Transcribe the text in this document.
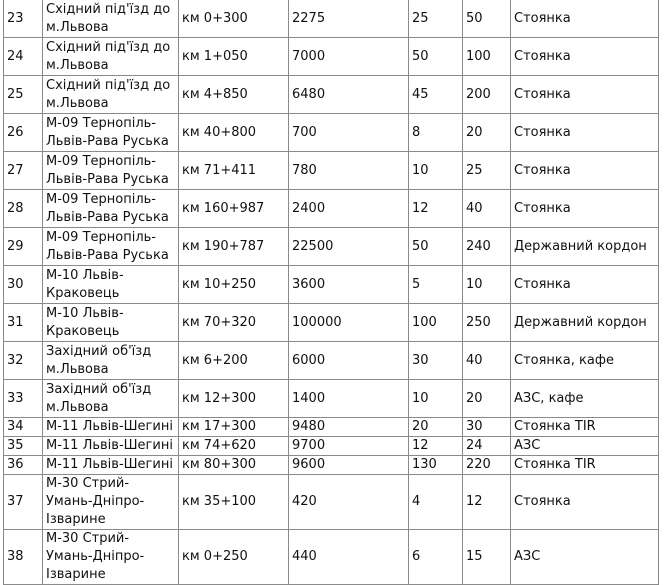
23	Східний під'їзд до м.Львова	км 0+300	2275	25	50	Стоянка
24	Східний під'їзд до м.Львова	км 1+050	7000	50	100	Стоянка
25	Східний під'їзд до м.Львова	км 4+850	6480	45	200	Стоянка
26	М-09 Тернопіль-Львів-Рава Руська	км 40+800	700	8	20	Стоянка
27	М-09 Тернопіль-Львів-Рава Руська	км 71+411	780	10	25	Стоянка
28	М-09 Тернопіль-Львів-Рава Руська	км 160+987	2400	12	40	Стоянка
29	М-09 Тернопіль-Львів-Рава Руська	км 190+787	22500	50	240	Державний кордон
30	М-10 Львів-Краковець	км 10+250	3600	5	10	Стоянка
31	М-10 Львів-Краковець	км 70+320	100000	100	250	Державний кордон
32	Західний об'їзд м.Львова	км 6+200	6000	30	40	Стоянка, кафе
33	Західний об'їзд м.Львова	км 12+300	1400	10	20	АЗС, кафе
34	М-11 Львів-Шегині	км 17+300	9480	20	30	Стоянка TIR
35	М-11 Львів-Шегині	км 74+620	9700	12	24	АЗС
36	М-11 Львів-Шегині	км 80+300	9600	130	220	Стоянка TIR
37	М-30 Стрий-Умань-Дніпро-Ізварине	км 35+100	420	4	12	Стоянка
38	М-30 Стрий-Умань-Дніпро-Ізварине	км 0+250	440	6	15	АЗС
